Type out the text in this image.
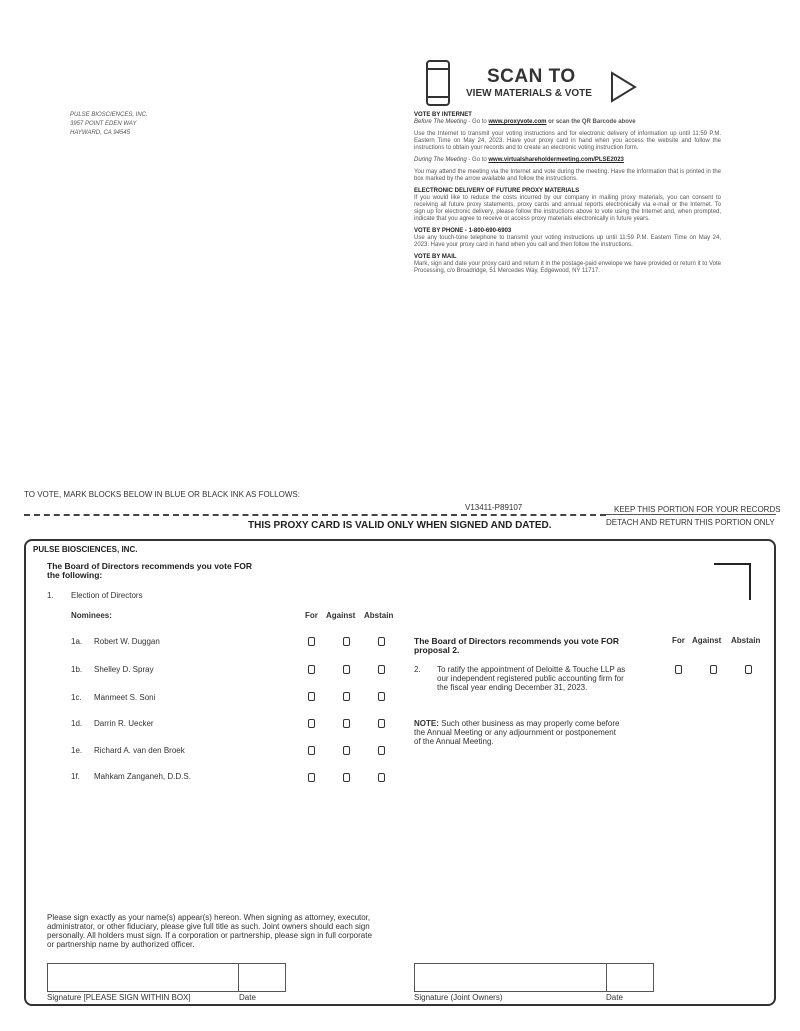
PULSE BIOSCIENCES, INC.
3957 POINT EDEN WAY
HAYWARD, CA 94545
SCAN TO
VIEW MATERIALS & VOTE
VOTE BY INTERNET

Before The Meeting - Go to www.proxyvote.com or scan the QR Barcode above

Use the Internet to transmit your voting instructions and for electronic delivery of information up until 11:59 P.M. Eastern Time on May 24, 2023. Have your proxy card in hand when you access the website and follow the instructions to obtain your records and to create an electronic voting instruction form.

During The Meeting - Go to www.virtualshareholdermeeting.com/PLSE2023

You may attend the meeting via the Internet and vote during the meeting. Have the information that is printed in the box marked by the arrow available and follow the instructions.

ELECTRONIC DELIVERY OF FUTURE PROXY MATERIALS

If you would like to reduce the costs incurred by our company in mailing proxy materials, you can consent to receiving all future proxy statements, proxy cards and annual reports electronically via e-mail or the Internet. To sign up for electronic delivery, please follow the instructions above to vote using the Internet and, when prompted, indicate that you agree to receive or access proxy materials electronically in future years.

VOTE BY PHONE - 1-800-690-6903

Use any touch-tone telephone to transmit your voting instructions up until 11:59 P.M. Eastern Time on May 24, 2023. Have your proxy card in hand when you call and then follow the instructions.

VOTE BY MAIL

Mark, sign and date your proxy card and return it in the postage-paid envelope we have provided or return it to Vote Processing, c/o Broadridge, 51 Mercedes Way, Edgewood, NY 11717.

TO VOTE, MARK BLOCKS BELOW IN BLUE OR BLACK INK AS FOLLOWS:
V13411-P89107	KEEP THIS PORTION FOR YOUR RECORDS
DETACH AND RETURN THIS PORTION ONLY
THIS PROXY CARD IS VALID ONLY WHEN SIGNED AND DATED.
PULSE BIOSCIENCES, INC.
The Board of Directors recommends you vote FOR
the following:
1. Election of Directors
Nominees:	For Against Abstain
1a. Robert W. Duggan
1b. Shelley D. Spray
1c. Manmeet S. Soni
1d. Darrin R. Uecker
1e. Richard A. van den Broek
1f. Mahkam Zanganeh, D.D.S.
The Board of Directors recommends you vote FOR
proposal 2.
For Against Abstain
2. To ratify the appointment of Deloitte & Touche LLP as
our independent registered public accounting firm for
the fiscal year ending December 31, 2023.
NOTE: Such other business as may properly come before
the Annual Meeting or any adjournment or postponement
of the Annual Meeting.
Please sign exactly as your name(s) appear(s) hereon. When signing as attorney, executor,
administrator, or other fiduciary, please give full title as such. Joint owners should each sign
personally. All holders must sign. If a corporation or partnership, please sign in full corporate
or partnership name by authorized officer.
Signature [PLEASE SIGN WITHIN BOX]	Date	Signature (Joint Owners)	Date
